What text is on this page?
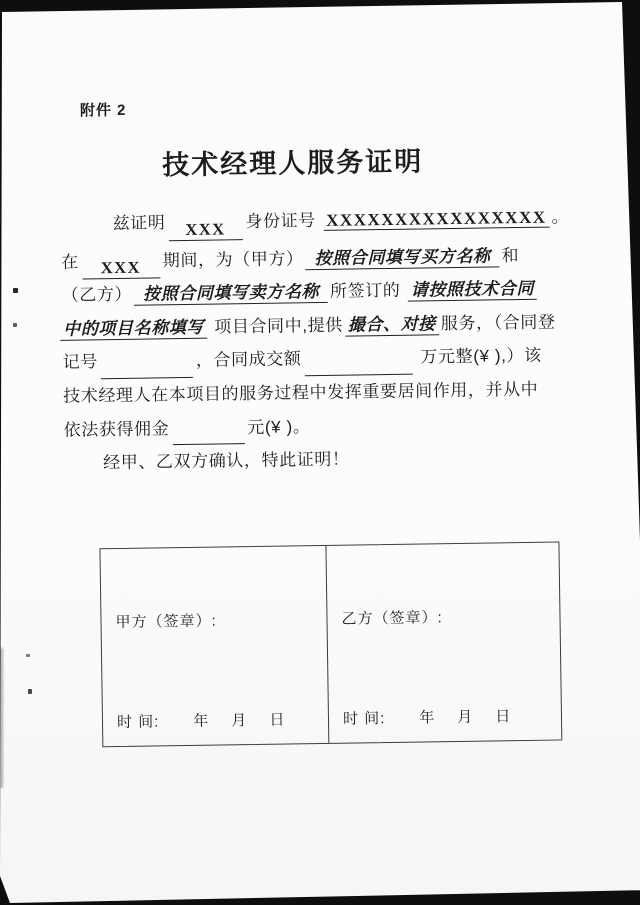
附件 2
技术经理人服务证明
兹证明 XXX 身份证号 XXXXXXXXXXXXXXXX 。
在 XXX 期间，为（甲方） 按照合同填写买方名称 和
（乙方） 按照合同填写卖方名称 所签订的 请按照技术合同
中的项目名称填写 项目合同中,提供 撮合、对接 服务，（合同登
记号	，合同成交额	万元整(¥ ),）该
技术经理人在本项目的服务过程中发挥重要居间作用，并从中
依法获得佣金	元(¥ )。
经甲、乙双方确认，特此证明！
甲方（签章）:
时 间: 年 月 日
乙方（签章）:
时 间: 年 月 日
